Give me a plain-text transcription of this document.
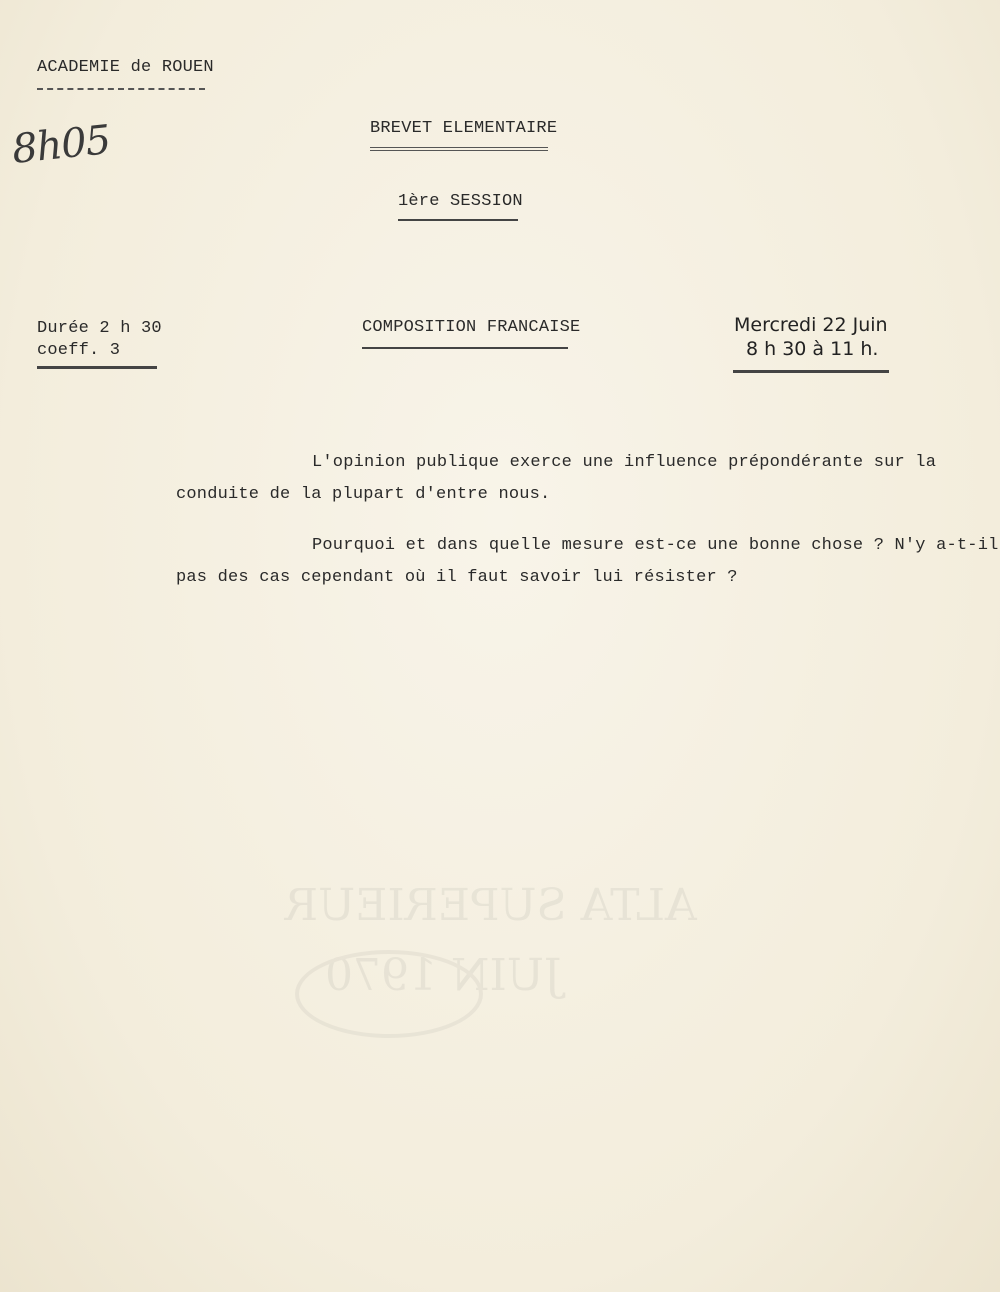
ACADEMIE de ROUEN
8h05	BREVET ELEMENTAIRE
1ère SESSION
Durée 2 h 30
coeff. 3
COMPOSITION FRANCAISE	Mercredi 22 Juin
8 h 30 à 11 h.
L'opinion publique exerce une influence prépondérante sur la
conduite de la plupart d'entre nous.
Pourquoi et dans quelle mesure est-ce une bonne chose ? N'y a-t-il
pas des cas cependant où il faut savoir lui résister ?
ALTA SUPERIEUR
JUIN 1970
